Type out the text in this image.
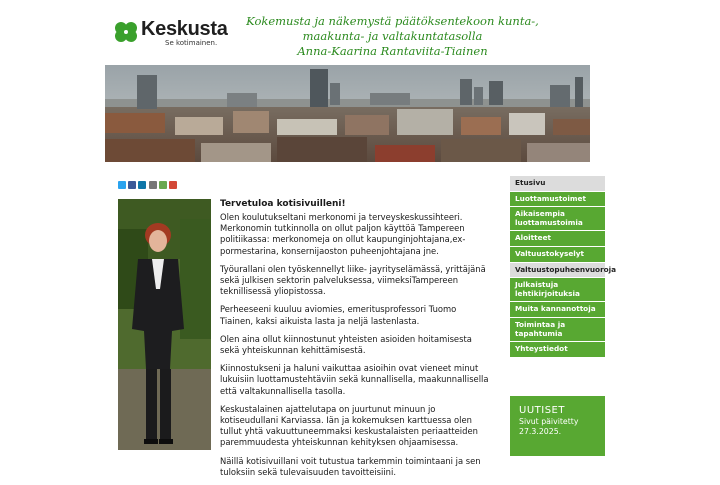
Keskusta
Se kotimainen.
Kokemusta ja näkemystä päätöksentekoon kunta-, maakunta- ja valtakuntatasolla
Anna-Kaarina Rantaviita-Tiainen
Tervetuloa kotisivuilleni!

Olen koulutukseltani merkonomi ja terveyskeskussihteeri. Merkonomin tutkinnolla on ollut paljon käyttöä Tampereen politiikassa: merkonomeja on ollut kaupunginjohtajana,ex-pormestarina, konsernijaoston puheenjohtajana jne.

Työurallani olen työskennellyt liike- jayrityselämässä, yrittäjänä sekä julkisen sektorin palveluksessa, viimeksiTampereen teknillisessä yliopistossa.

Perheeseeni kuuluu aviomies, emeritusprofessori Tuomo Tiainen, kaksi aikuista lasta ja neljä lastenlasta.

Olen aina ollut kiinnostunut yhteisten asioiden hoitamisesta sekä yhteiskunnan kehittämisestä.

Kiinnostukseni ja haluni vaikuttaa asioihin ovat vieneet minut lukuisiin luottamustehtäviin sekä kunnallisella, maakunnallisella että valtakunnallisella tasolla.

Keskustalainen ajattelutapa on juurtunut minuun jo kotiseudullani Karviassa. Iän ja kokemuksen karttuessa olen tullut yhtä vakuuttuneemmaksi keskustalaisten periaatteiden paremmuudesta yhteiskunnan kehityksen ohjaamisessa.

Näillä kotisivuillani voit tutustua tarkemmin toimintaani ja sen tuloksiin sekä tulevaisuuden tavoitteisiini.

Etusivu
Luottamustoimet
Aikaisempia luottamustoimia
Aloitteet
Valtuustokyselyt
Valtuustopuheenvuoroja
Julkaistuja lehtikirjoituksia
Muita kannanottoja
Toimintaa ja tapahtumia
Yhteystiedot
UUTISET
Sivut päivitetty 27.3.2025.
